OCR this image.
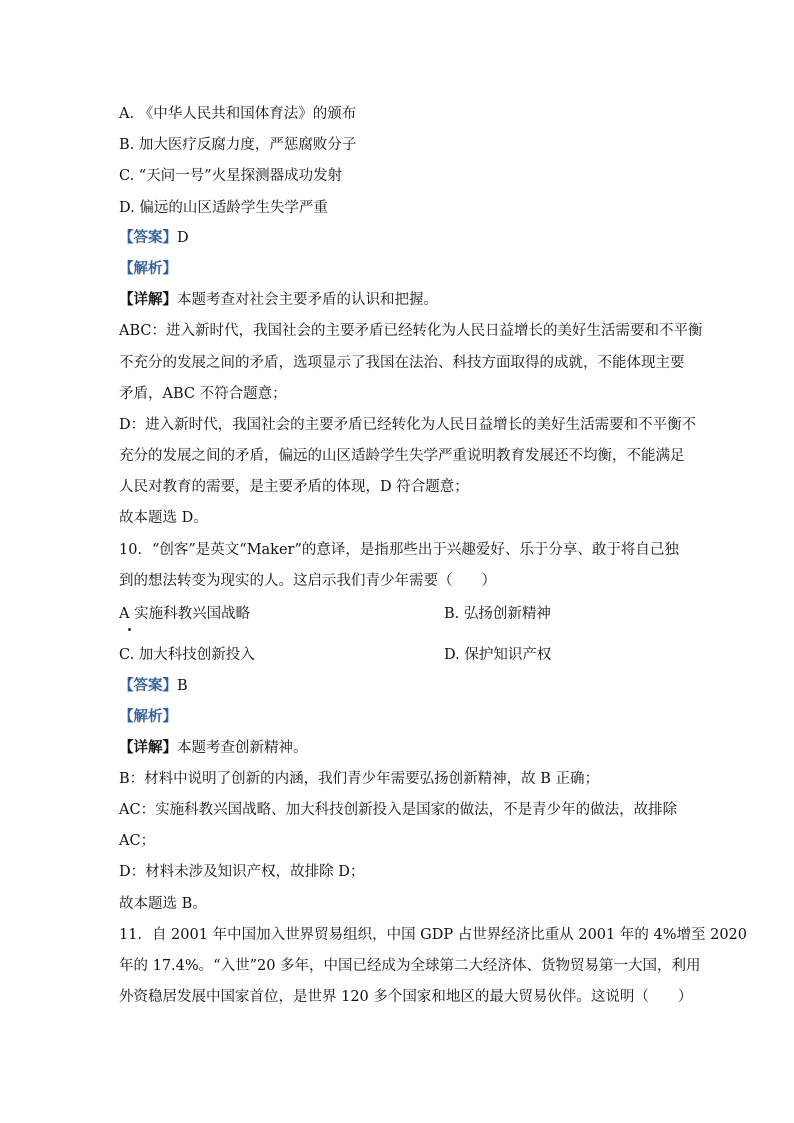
A. 《中华人民共和国体育法》的颁布
B. 加大医疗反腐力度，严惩腐败分子
C. “天问一号”火星探测器成功发射
D. 偏远的山区适龄学生失学严重
【答案】D
【解析】
【详解】本题考查对社会主要矛盾的认识和把握。
ABC：进入新时代，我国社会的主要矛盾已经转化为人民日益增长的美好生活需要和不平衡
不充分的发展之间的矛盾，选项显示了我国在法治、科技方面取得的成就，不能体现主要
矛盾，ABC 不符合题意；
D：进入新时代，我国社会的主要矛盾已经转化为人民日益增长的美好生活需要和不平衡不
充分的发展之间的矛盾，偏远的山区适龄学生失学严重说明教育发展还不均衡，不能满足
人民对教育的需要，是主要矛盾的体现，D 符合题意；
故本题选 D。
10．“创客”是英文“Maker”的意译，是指那些出于兴趣爱好、乐于分享、敢于将自己独
到的想法转变为现实的人。这启示我们青少年需要（　　）
A 实施科教兴国战略	B. 弘扬创新精神
C. 加大科技创新投入	D. 保护知识产权
【答案】B
【解析】
【详解】本题考查创新精神。
B：材料中说明了创新的内涵，我们青少年需要弘扬创新精神，故 B 正确；
AC：实施科教兴国战略、加大科技创新投入是国家的做法，不是青少年的做法，故排除
AC；
D：材料未涉及知识产权，故排除 D；
故本题选 B。
11．自 2001 年中国加入世界贸易组织，中国 GDP 占世界经济比重从 2001 年的 4%增至 2020
年的 17.4%。“入世”20 多年，中国已经成为全球第二大经济体、货物贸易第一大国，利用
外资稳居发展中国家首位，是世界 120 多个国家和地区的最大贸易伙伴。这说明（　　）
